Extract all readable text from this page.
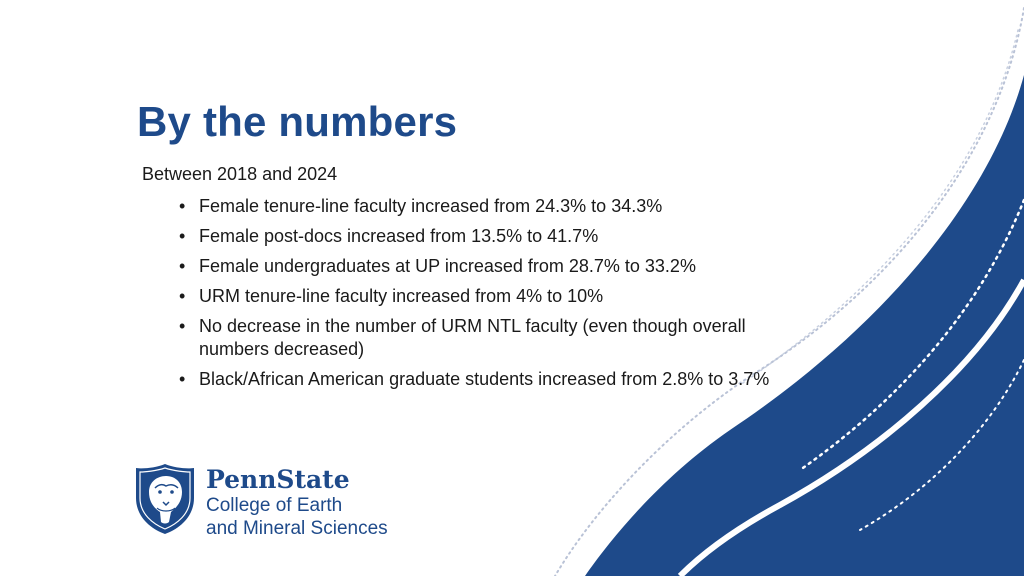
By the numbers
Between 2018 and 2024
• Female tenure-line faculty increased from 24.3% to 34.3%
• Female post-docs increased from 13.5% to 41.7%
• Female undergraduates at UP increased from 28.7% to 33.2%
• URM tenure-line faculty increased from 4% to 10%
• No decrease in the number of URM NTL faculty (even though overall numbers decreased)
• Black/African American graduate students increased from 2.8% to 3.7%
PennState
College of Earth
and Mineral Sciences
